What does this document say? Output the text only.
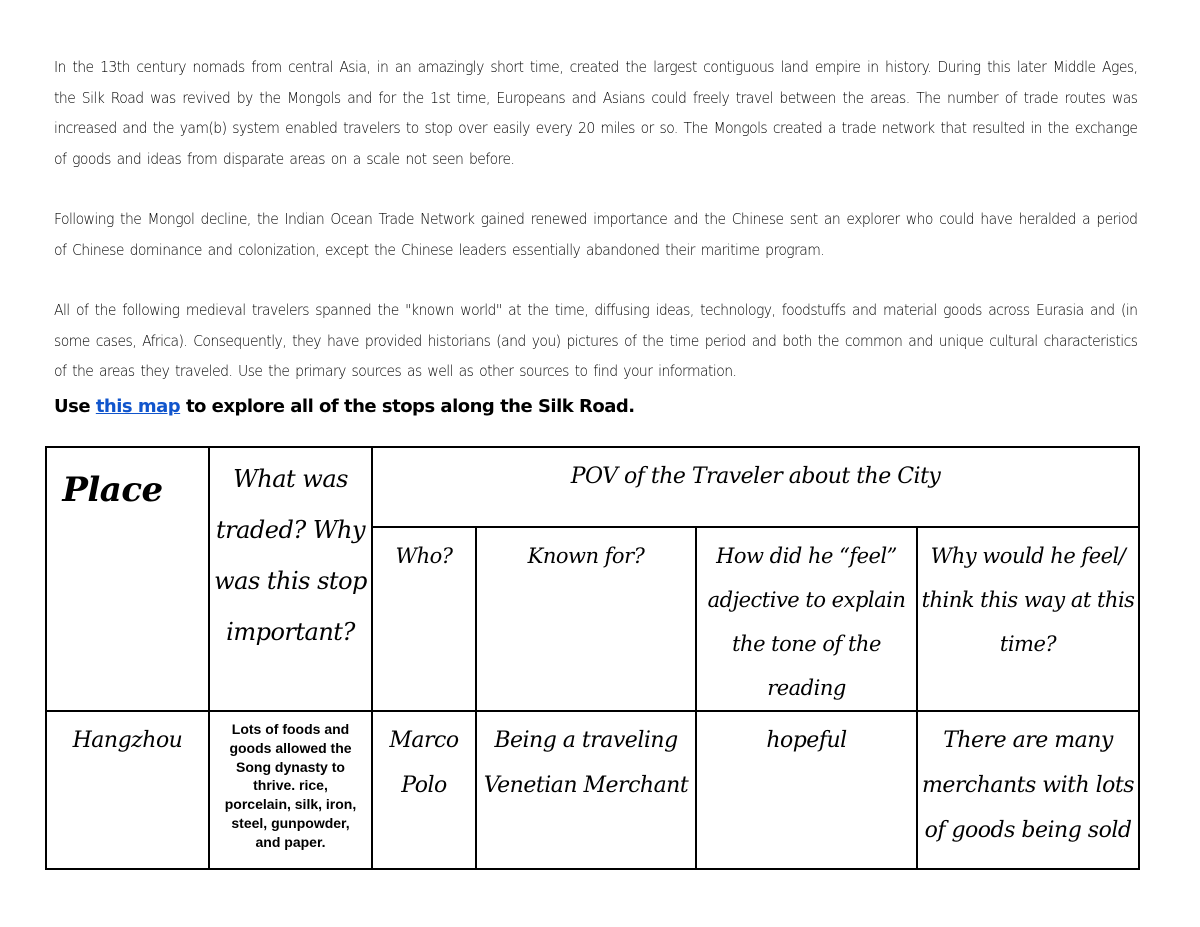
In the 13th century nomads from central Asia, in an amazingly short time, created the largest contiguous land empire in history. During this later Middle Ages, the Silk Road was revived by the Mongols and for the 1st time, Europeans and Asians could freely travel between the areas. The number of trade routes was increased and the yam(b) system enabled travelers to stop over easily every 20 miles or so. The Mongols created a trade network that resulted in the exchange of goods and ideas from disparate areas on a scale not seen before.

Following the Mongol decline, the Indian Ocean Trade Network gained renewed importance and the Chinese sent an explorer who could have heralded a period of Chinese dominance and colonization, except the Chinese leaders essentially abandoned their maritime program.

All of the following medieval travelers spanned the "known world" at the time, diffusing ideas, technology, foodstuffs and material goods across Eurasia and (in some cases, Africa). Consequently, they have provided historians (and you) pictures of the time period and both the common and unique cultural characteristics of the areas they traveled. Use the primary sources as well as other sources to find your information.

Use this map to explore all of the stops along the Silk Road.
Place	What was traded? Why was this stop important?	POV of the Traveler about the City			
		Who?	Known for?	How did he “feel” adjective to explain the tone of the reading	Why would he feel/ think this way at this time?
Hangzhou	Lots of foods and goods allowed the Song dynasty to thrive. rice, porcelain, silk, iron, steel, gunpowder, and paper.	Marco Polo	Being a traveling Venetian Merchant	hopeful	There are many merchants with lots of goods being sold
